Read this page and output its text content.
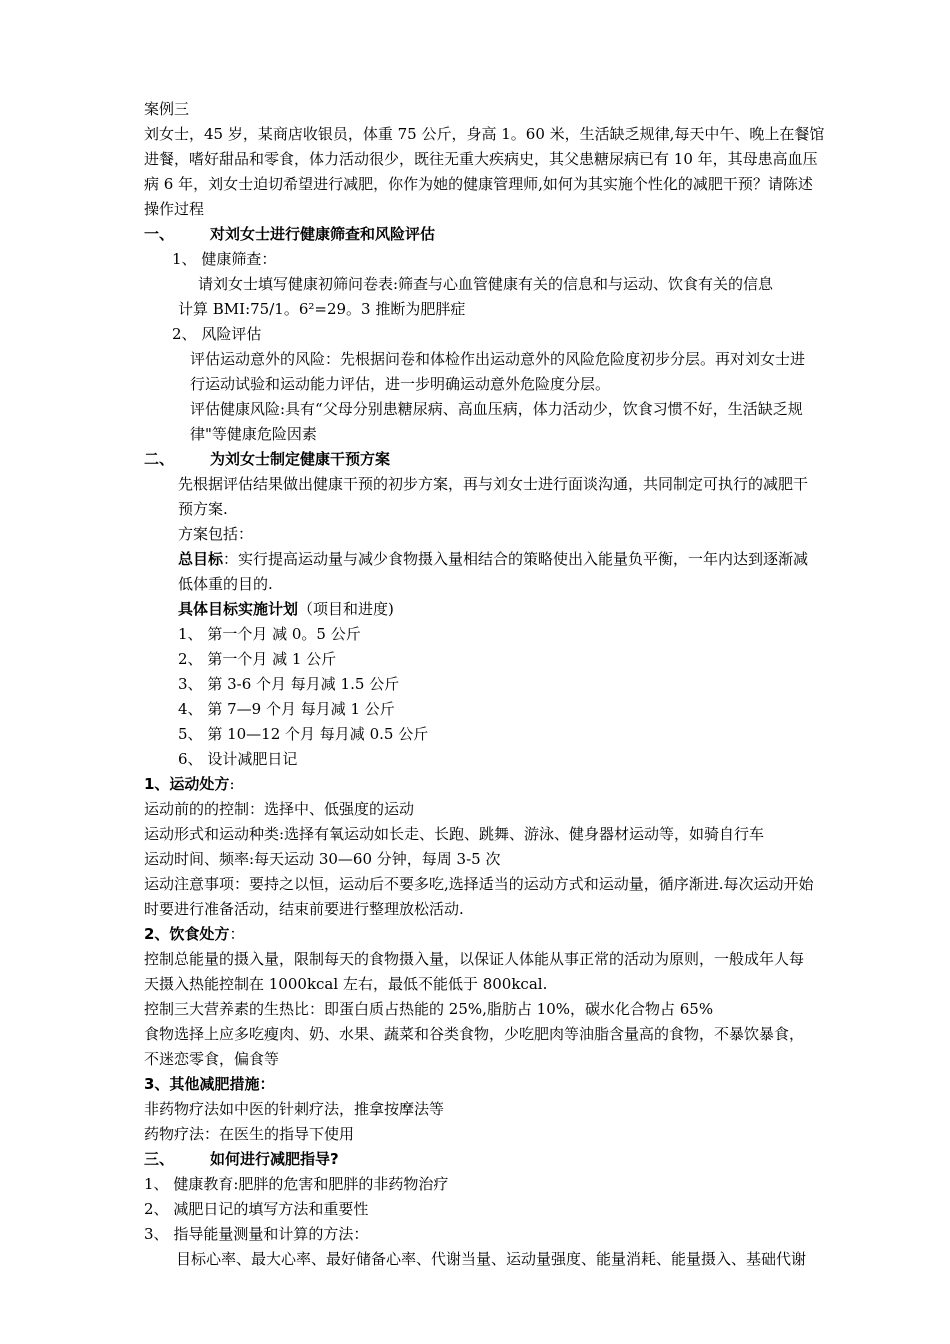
案例三
刘女士，45 岁，某商店收银员，体重 75 公斤，身高 1。60 米，生活缺乏规律,每天中午、晚上在餐馆
进餐，嗜好甜品和零食，体力活动很少，既往无重大疾病史，其父患糖尿病已有 10 年，其母患高血压
病 6 年，刘女士迫切希望进行减肥，你作为她的健康管理师,如何为其实施个性化的减肥干预？请陈述
操作过程
一、 对刘女士进行健康筛查和风险评估
1、 健康筛查：
请刘女士填写健康初筛问卷表:筛查与心血管健康有关的信息和与运动、饮食有关的信息
计算 BMI:75/1。6²=29。3 推断为肥胖症
2、 风险评估
评估运动意外的风险：先根据问卷和体检作出运动意外的风险危险度初步分层。再对刘女士进
行运动试验和运动能力评估，进一步明确运动意外危险度分层。
评估健康风险:具有“父母分别患糖尿病、高血压病，体力活动少，饮食习惯不好，生活缺乏规
律"等健康危险因素
二、 为刘女士制定健康干预方案
先根据评估结果做出健康干预的初步方案，再与刘女士进行面谈沟通，共同制定可执行的减肥干
预方案.
方案包括：
总目标：实行提高运动量与减少食物摄入量相结合的策略使出入能量负平衡，一年内达到逐渐减
低体重的目的.
具体目标实施计划（项目和进度)
1、 第一个月 减 0。5 公斤
2、 第一个月 减 1 公斤
3、 第 3-6 个月 每月减 1.5 公斤
4、 第 7—9 个月 每月减 1 公斤
5、 第 10—12 个月 每月减 0.5 公斤
6、 设计减肥日记
1、运动处方:
运动前的的控制：选择中、低强度的运动
运动形式和运动种类:选择有氧运动如长走、长跑、跳舞、游泳、健身器材运动等，如骑自行车
运动时间、频率:每天运动 30—60 分钟，每周 3-5 次
运动注意事项：要持之以恒，运动后不要多吃,选择适当的运动方式和运动量，循序渐进.每次运动开始
时要进行准备活动，结束前要进行整理放松活动.
2、饮食处方：
控制总能量的摄入量，限制每天的食物摄入量，以保证人体能从事正常的活动为原则，一般成年人每
天摄入热能控制在 1000kcal 左右，最低不能低于 800kcal.
控制三大营养素的生热比：即蛋白质占热能的 25%,脂肪占 10%，碳水化合物占 65%
食物选择上应多吃瘦肉、奶、水果、蔬菜和谷类食物，少吃肥肉等油脂含量高的食物，不暴饮暴食，
不迷恋零食，偏食等
3、其他减肥措施：
非药物疗法如中医的针刺疗法，推拿按摩法等
药物疗法：在医生的指导下使用
三、 如何进行减肥指导?
1、 健康教育:肥胖的危害和肥胖的非药物治疗
2、 减肥日记的填写方法和重要性
3、 指导能量测量和计算的方法：
目标心率、最大心率、最好储备心率、代谢当量、运动量强度、能量消耗、能量摄入、基础代谢
